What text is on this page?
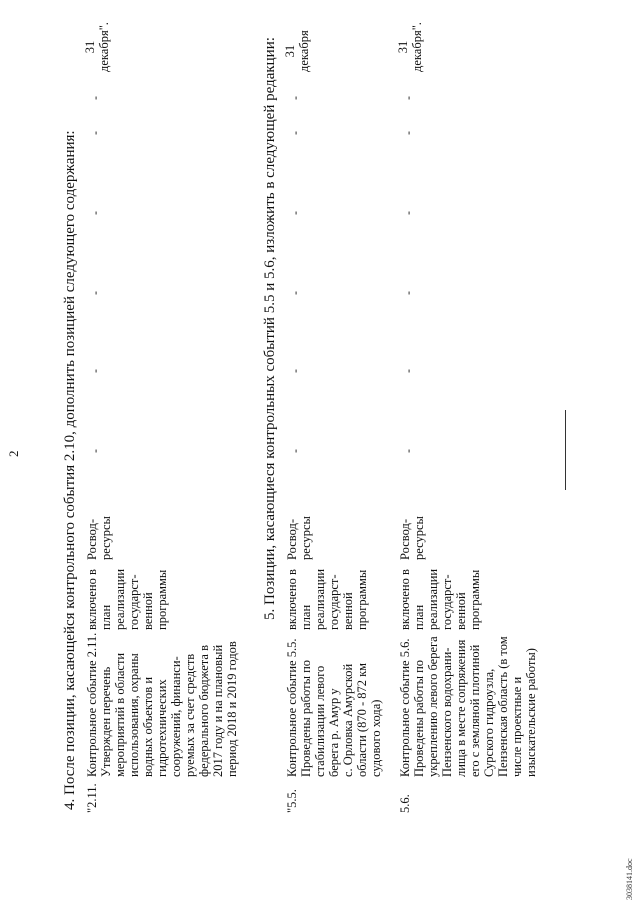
2	4. После позиции, касающейся контрольного события 2.10, дополнить позицией следующего содержания: "2.11.
Контрольное событие 2.11.
Утвержден перечень
мероприятий в области
использования, охраны
водных объектов и
гидротехнических
сооружений, финанси-
руемых за счет средств
федерального бюджета в
2017 году и на плановый
период 2018 и 2019 годов
включено в
план
реализации
государст-
венной
программы
Росвод-
ресурсы
-
-
-
-
-
-
31
декабря".	5. Позиции, касающиеся контрольных событий 5.5 и 5.6, изложить в следующей редакции:
"5.5.
Контрольное событие 5.5.
Проведены работы по
стабилизации левого
берега р. Амур у
с. Орловка Амурской
области (870 - 872 км
судового хода)
включено в
план
реализации
государст-
венной
программы
Росвод-
ресурсы
-
-
-
-
-
-
31
декабря
5.6.
Контрольное событие 5.6.
Проведены работы по
укреплению левого берега
Пензенского водохрани-
лища в месте сопряжения
его с земляной плотиной
Сурского гидроузла,
Пензенская область (в том
числе проектные и
изыскательские работы)
включено в
план
реализации
государст-
венной
программы
Росвод-
ресурсы
-
-
-
-
-
-
31
декабря".
3038141.doc
